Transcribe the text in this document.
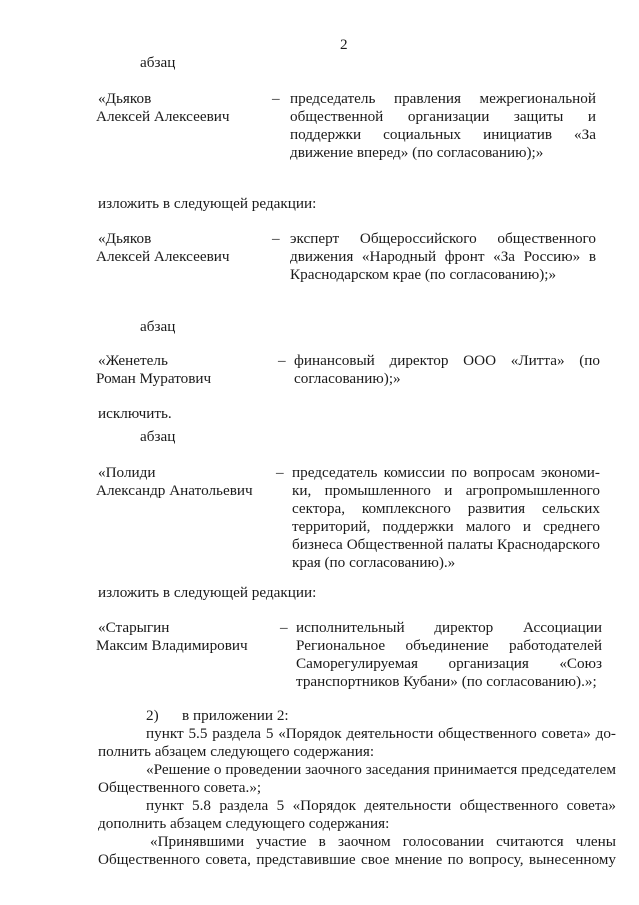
2
абзац
«Дьяков
Алексей Алексеевич
– председатель правления межрегиональной
общественной организации защиты и
поддержки социальных инициатив «За
движение вперед» (по согласованию);»
изложить в следующей редакции:
«Дьяков
Алексей Алексеевич
– эксперт Общероссийского общественного
движения «Народный фронт «За Россию» в
Краснодарском крае (по согласованию);»
абзац
«Женетель
Роман Муратович
– финансовый директор ООО «Литта» (по
согласованию);»
исключить.
абзац
«Полиди
Александр Анатольевич
– председатель комиссии по вопросам экономи-
ки, промышленного и агропромышленного
сектора, комплексного развития сельских
территорий, поддержки малого и среднего
бизнеса Общественной палаты Краснодарского
края (по согласованию).»
изложить в следующей редакции:
«Старыгин
Максим Владимирович
– исполнительный директор Ассоциации
Региональное объединение работодателей
Саморегулируемая организация «Союз
транспортников Кубани» (по согласованию).»;
2) в приложении 2:
пункт 5.5 раздела 5 «Порядок деятельности общественного совета» до-
полнить абзацем следующего содержания:
«Решение о проведении заочного заседания принимается председателем
Общественного совета.»;
пункт 5.8 раздела 5 «Порядок деятельности общественного совета»
дополнить абзацем следующего содержания:
«Принявшими участие в заочном голосовании считаются члены
Общественного совета, представившие свое мнение по вопросу, вынесенному
